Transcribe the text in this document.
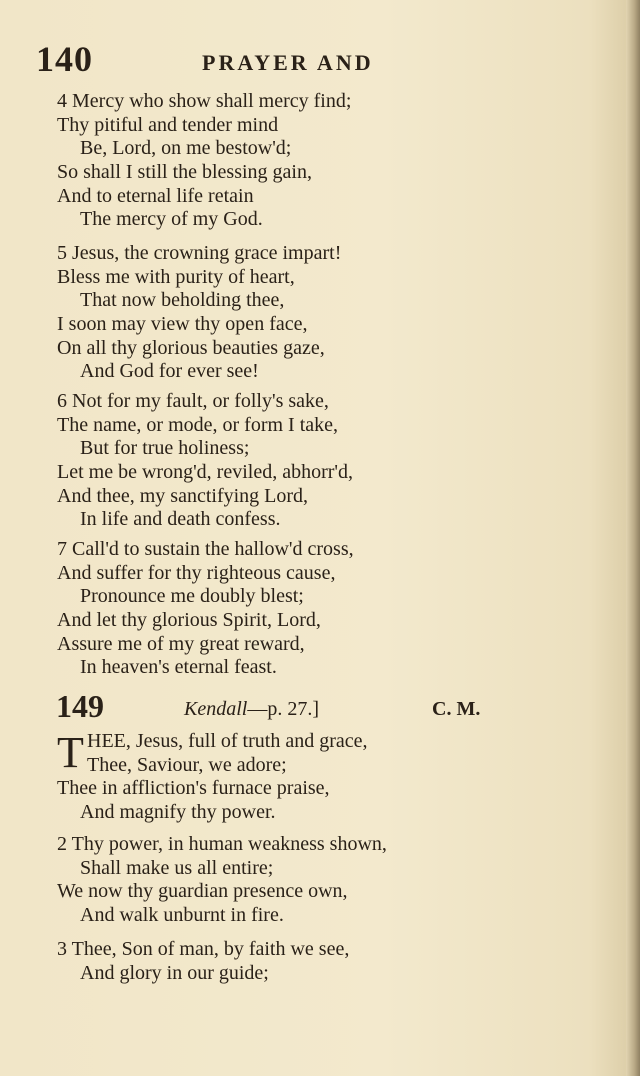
140	PRAYER AND
4 Mercy who show shall mercy find;
Thy pitiful and tender mind
Be, Lord, on me bestow'd;
So shall I still the blessing gain,
And to eternal life retain
The mercy of my God.
5 Jesus, the crowning grace impart!
Bless me with purity of heart,
That now beholding thee,
I soon may view thy open face,
On all thy glorious beauties gaze,
And God for ever see!
6 Not for my fault, or folly's sake,
The name, or mode, or form I take,
But for true holiness;
Let me be wrong'd, reviled, abhorr'd,
And thee, my sanctifying Lord,
In life and death confess.
7 Call'd to sustain the hallow'd cross,
And suffer for thy righteous cause,
Pronounce me doubly blest;
And let thy glorious Spirit, Lord,
Assure me of my great reward,
In heaven's eternal feast.
149	Kendall—p. 27.]	C. M.
T HEE, Jesus, full of truth and grace,
Thee, Saviour, we adore;
Thee in affliction's furnace praise,
And magnify thy power.
2 Thy power, in human weakness shown,
Shall make us all entire;
We now thy guardian presence own,
And walk unburnt in fire.
3 Thee, Son of man, by faith we see,
And glory in our guide;
